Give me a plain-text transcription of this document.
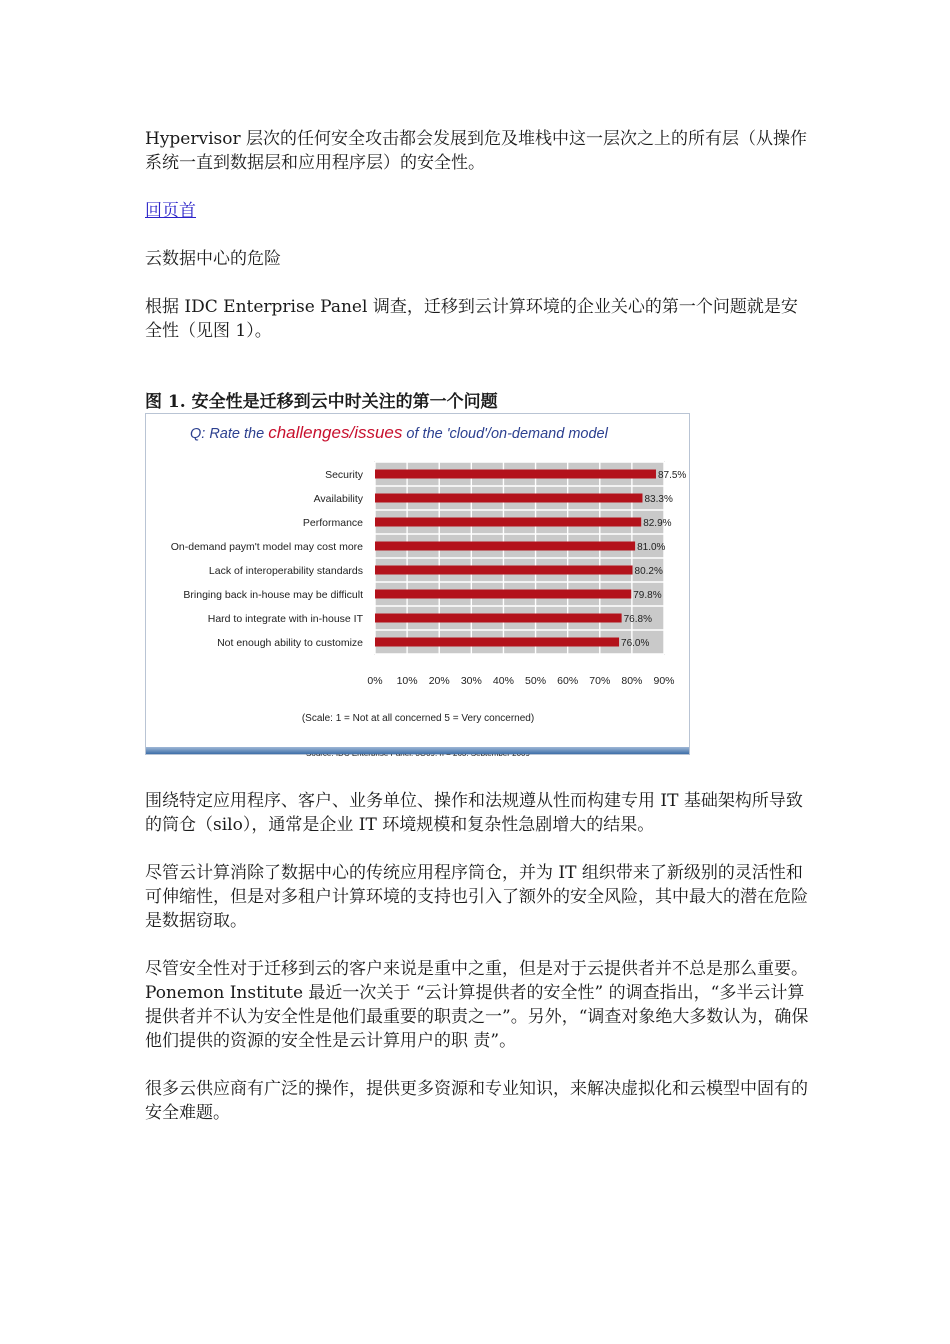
Hypervisor 层次的任何安全攻击都会发展到危及堆栈中这一层次之上的所有层（从操作系统一直到数据层和应用程序层）的安全性。

回页首

云数据中心的危险

根据 IDC Enterprise Panel 调查，迁移到云计算环境的企业关心的第一个问题就是安全性（见图 1）。

图 1. 安全性是迁移到云中时关注的第一个问题
Q: Rate the challenges/issues of the 'cloud'/on-demand model
0% 10% 20% 30% 40% 50% 60% 70% 80% 90%
Security	87.5%
Availability	83.3%
Performance	82.9%
On-demand paym't model may cost more	81.0%
Lack of interoperability standards	80.2%
Bringing back in-house may be difficult	79.8%
Hard to integrate with in-house IT	76.8%
Not enough ability to customize	76.0%
(Scale: 1 = Not at all concerned 5 = Very concerned)

围绕特定应用程序、客户、业务单位、操作和法规遵从性而构建专用 IT 基础架构所导致的筒仓（silo），通常是企业 IT 环境规模和复杂性急剧增大的结果。

尽管云计算消除了数据中心的传统应用程序筒仓，并为 IT 组织带来了新级别的灵活性和可伸缩性，但是对多租户计算环境的支持也引入了额外的安全风险，其中最大的潜在危险是数据窃取。

尽管安全性对于迁移到云的客户来说是重中之重，但是对于云提供者并不总是那么重要。Ponemon Institute 最近一次关于 “云计算提供者的安全性” 的调查指出，“多半云计算提供者并不认为安全性是他们最重要的职责之一”。另外，“调查对象绝大多数认为，确保他们提供的资源的安全性是云计算用户的职 责”。

很多云供应商有广泛的操作，提供更多资源和专业知识，来解决虚拟化和云模型中固有的安全难题。
